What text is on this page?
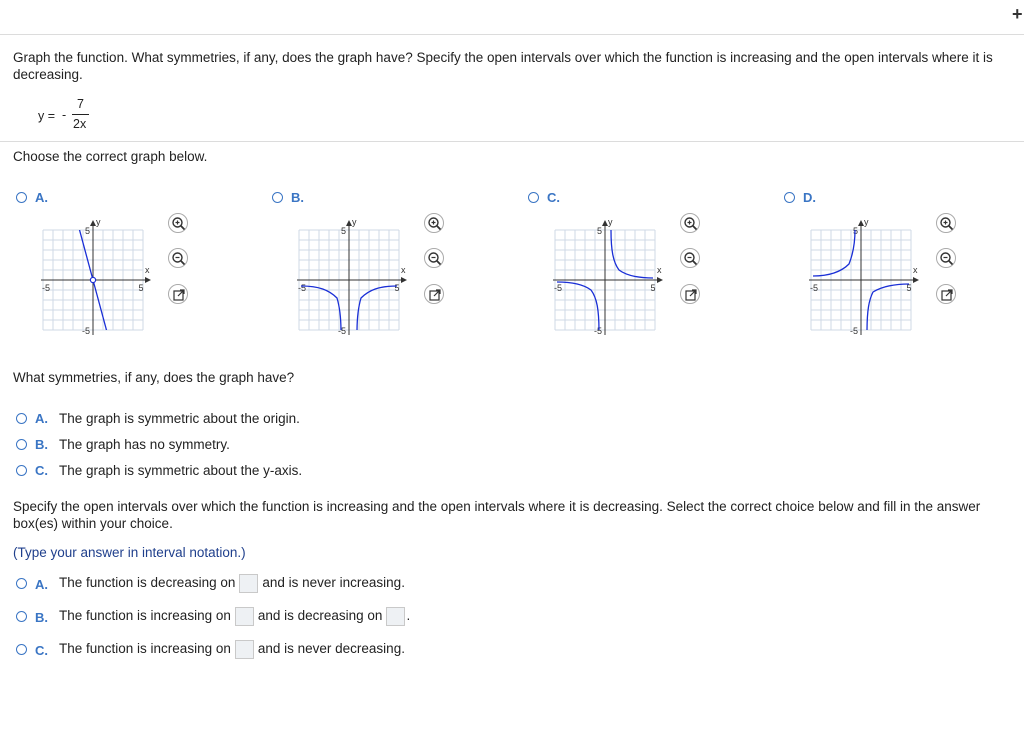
+
Graph the function. What symmetries, if any, does the graph have? Specify the open intervals over which the function is increasing and the open intervals where it is decreasing.
y = -
7
2x
Choose the correct graph below.
A.
y
x
5
-5
-5	5
B.
y
x
5
-5
-5	5
C.
y
x
5
-5
-5	5
D.
y
x
5
-5
-5	5
What symmetries, if any, does the graph have?
A. The graph is symmetric about the origin.
B. The graph has no symmetry.
C. The graph is symmetric about the y-axis.
Specify the open intervals over which the function is increasing and the open intervals where it is decreasing. Select the correct choice below and fill in the answer box(es) within your choice.
(Type your answer in interval notation.)
A. The function is decreasing on and is never increasing.
B. The function is increasing on and is decreasing on .
C. The function is increasing on and is never decreasing.
